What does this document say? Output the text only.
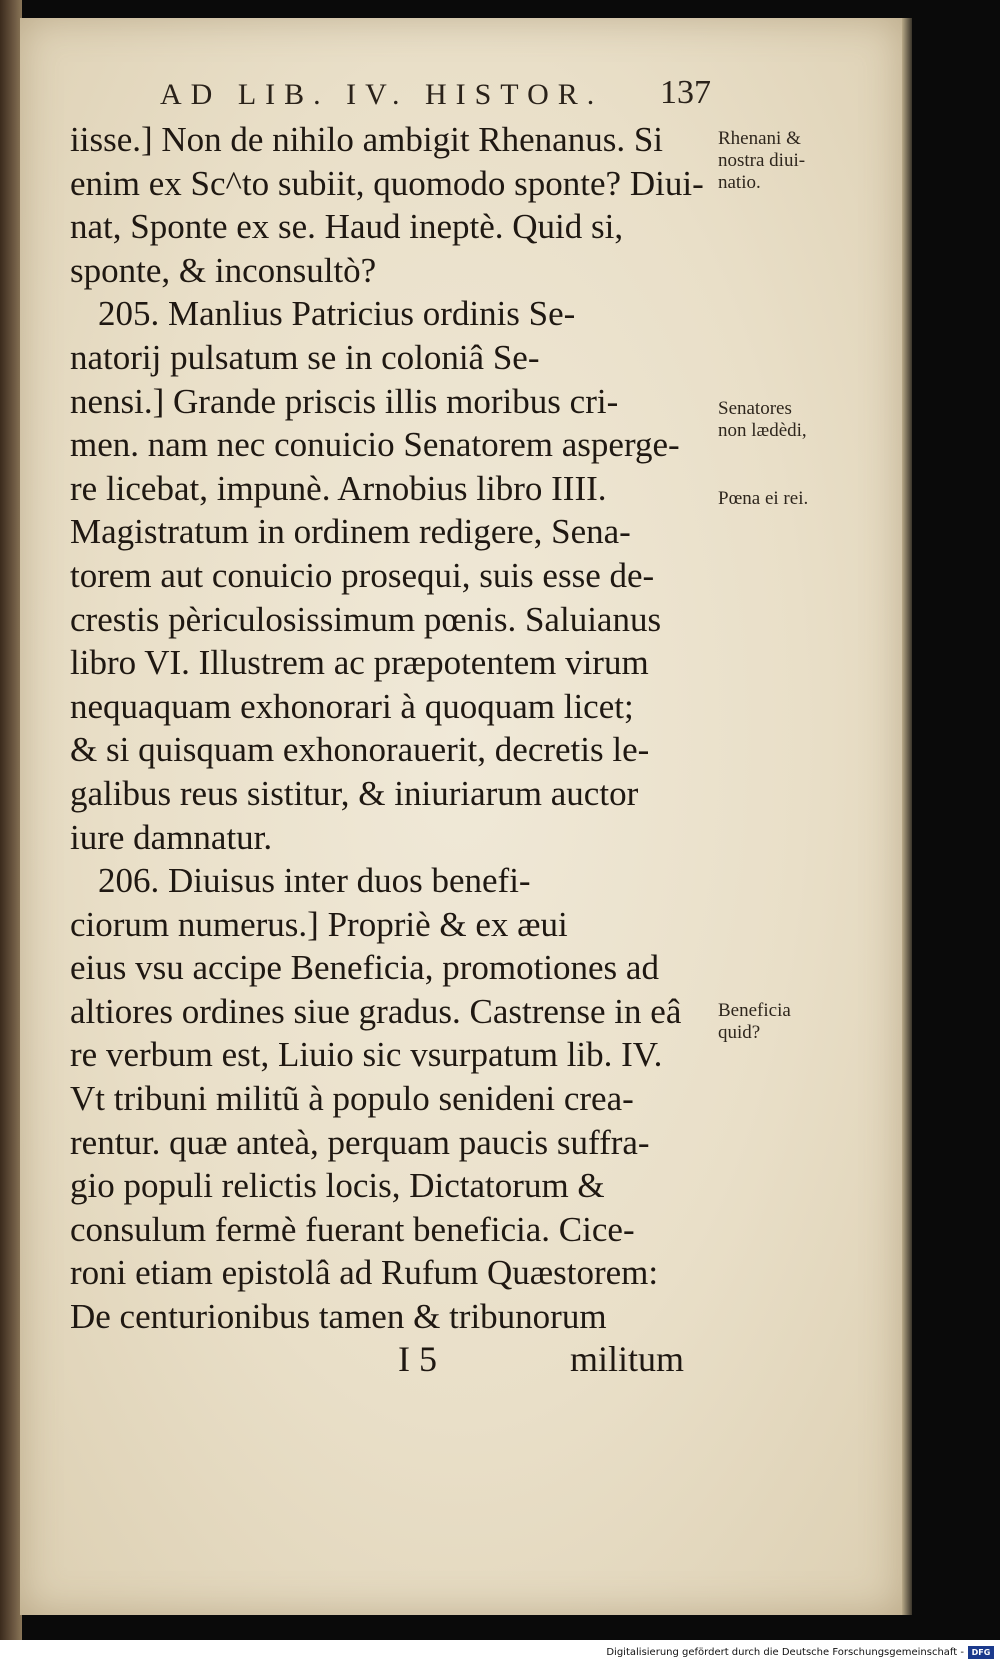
AD LIB. IV. HISTOR.	137

iisse.] Non de nihilo ambigit Rhenanus. Si

enim ex Sc^to subiit, quomodo sponte? Diui-

nat, Sponte ex se. Haud ineptè. Quid si,

sponte, & inconsultò?

205. Manlius Patricius ordinis Se-

natorij pulsatum se in coloniâ Se-

nensi.] Grande priscis illis moribus cri-

men. nam nec conuicio Senatorem asperge-

re licebat, impunè. Arnobius libro IIII.

Magistratum in ordinem redigere, Sena-

torem aut conuicio prosequi, suis esse de-

crestis pèriculosissimum pœnis. Saluianus

libro VI. Illustrem ac præpotentem virum

nequaquam exhonorari à quoquam licet;

& si quisquam exhonorauerit, decretis le-

galibus reus sistitur, & iniuriarum auctor

iure damnatur.

206. Diuisus inter duos benefi-

ciorum numerus.] Propriè & ex æui

eius vsu accipe Beneficia, promotiones ad

altiores ordines siue gradus. Castrense in eâ

re verbum est, Liuio sic vsurpatum lib. IV.

Vt tribuni militũ à populo senideni crea-

rentur. quæ anteà, perquam paucis suffra-

gio populi relictis locis, Dictatorum &

consulum fermè fuerant beneficia. Cice-

roni etiam epistolâ ad Rufum Quæstorem:

De centurionibus tamen & tribunorum

I 5	militum
Rhenani &
nostra diui-
natio.
Senatores
non lædèdi,
Pœna ei rei.
Beneficia
quid?
Digitalisierung gefördert durch die Deutsche Forschungsgemeinschaft - DFG
